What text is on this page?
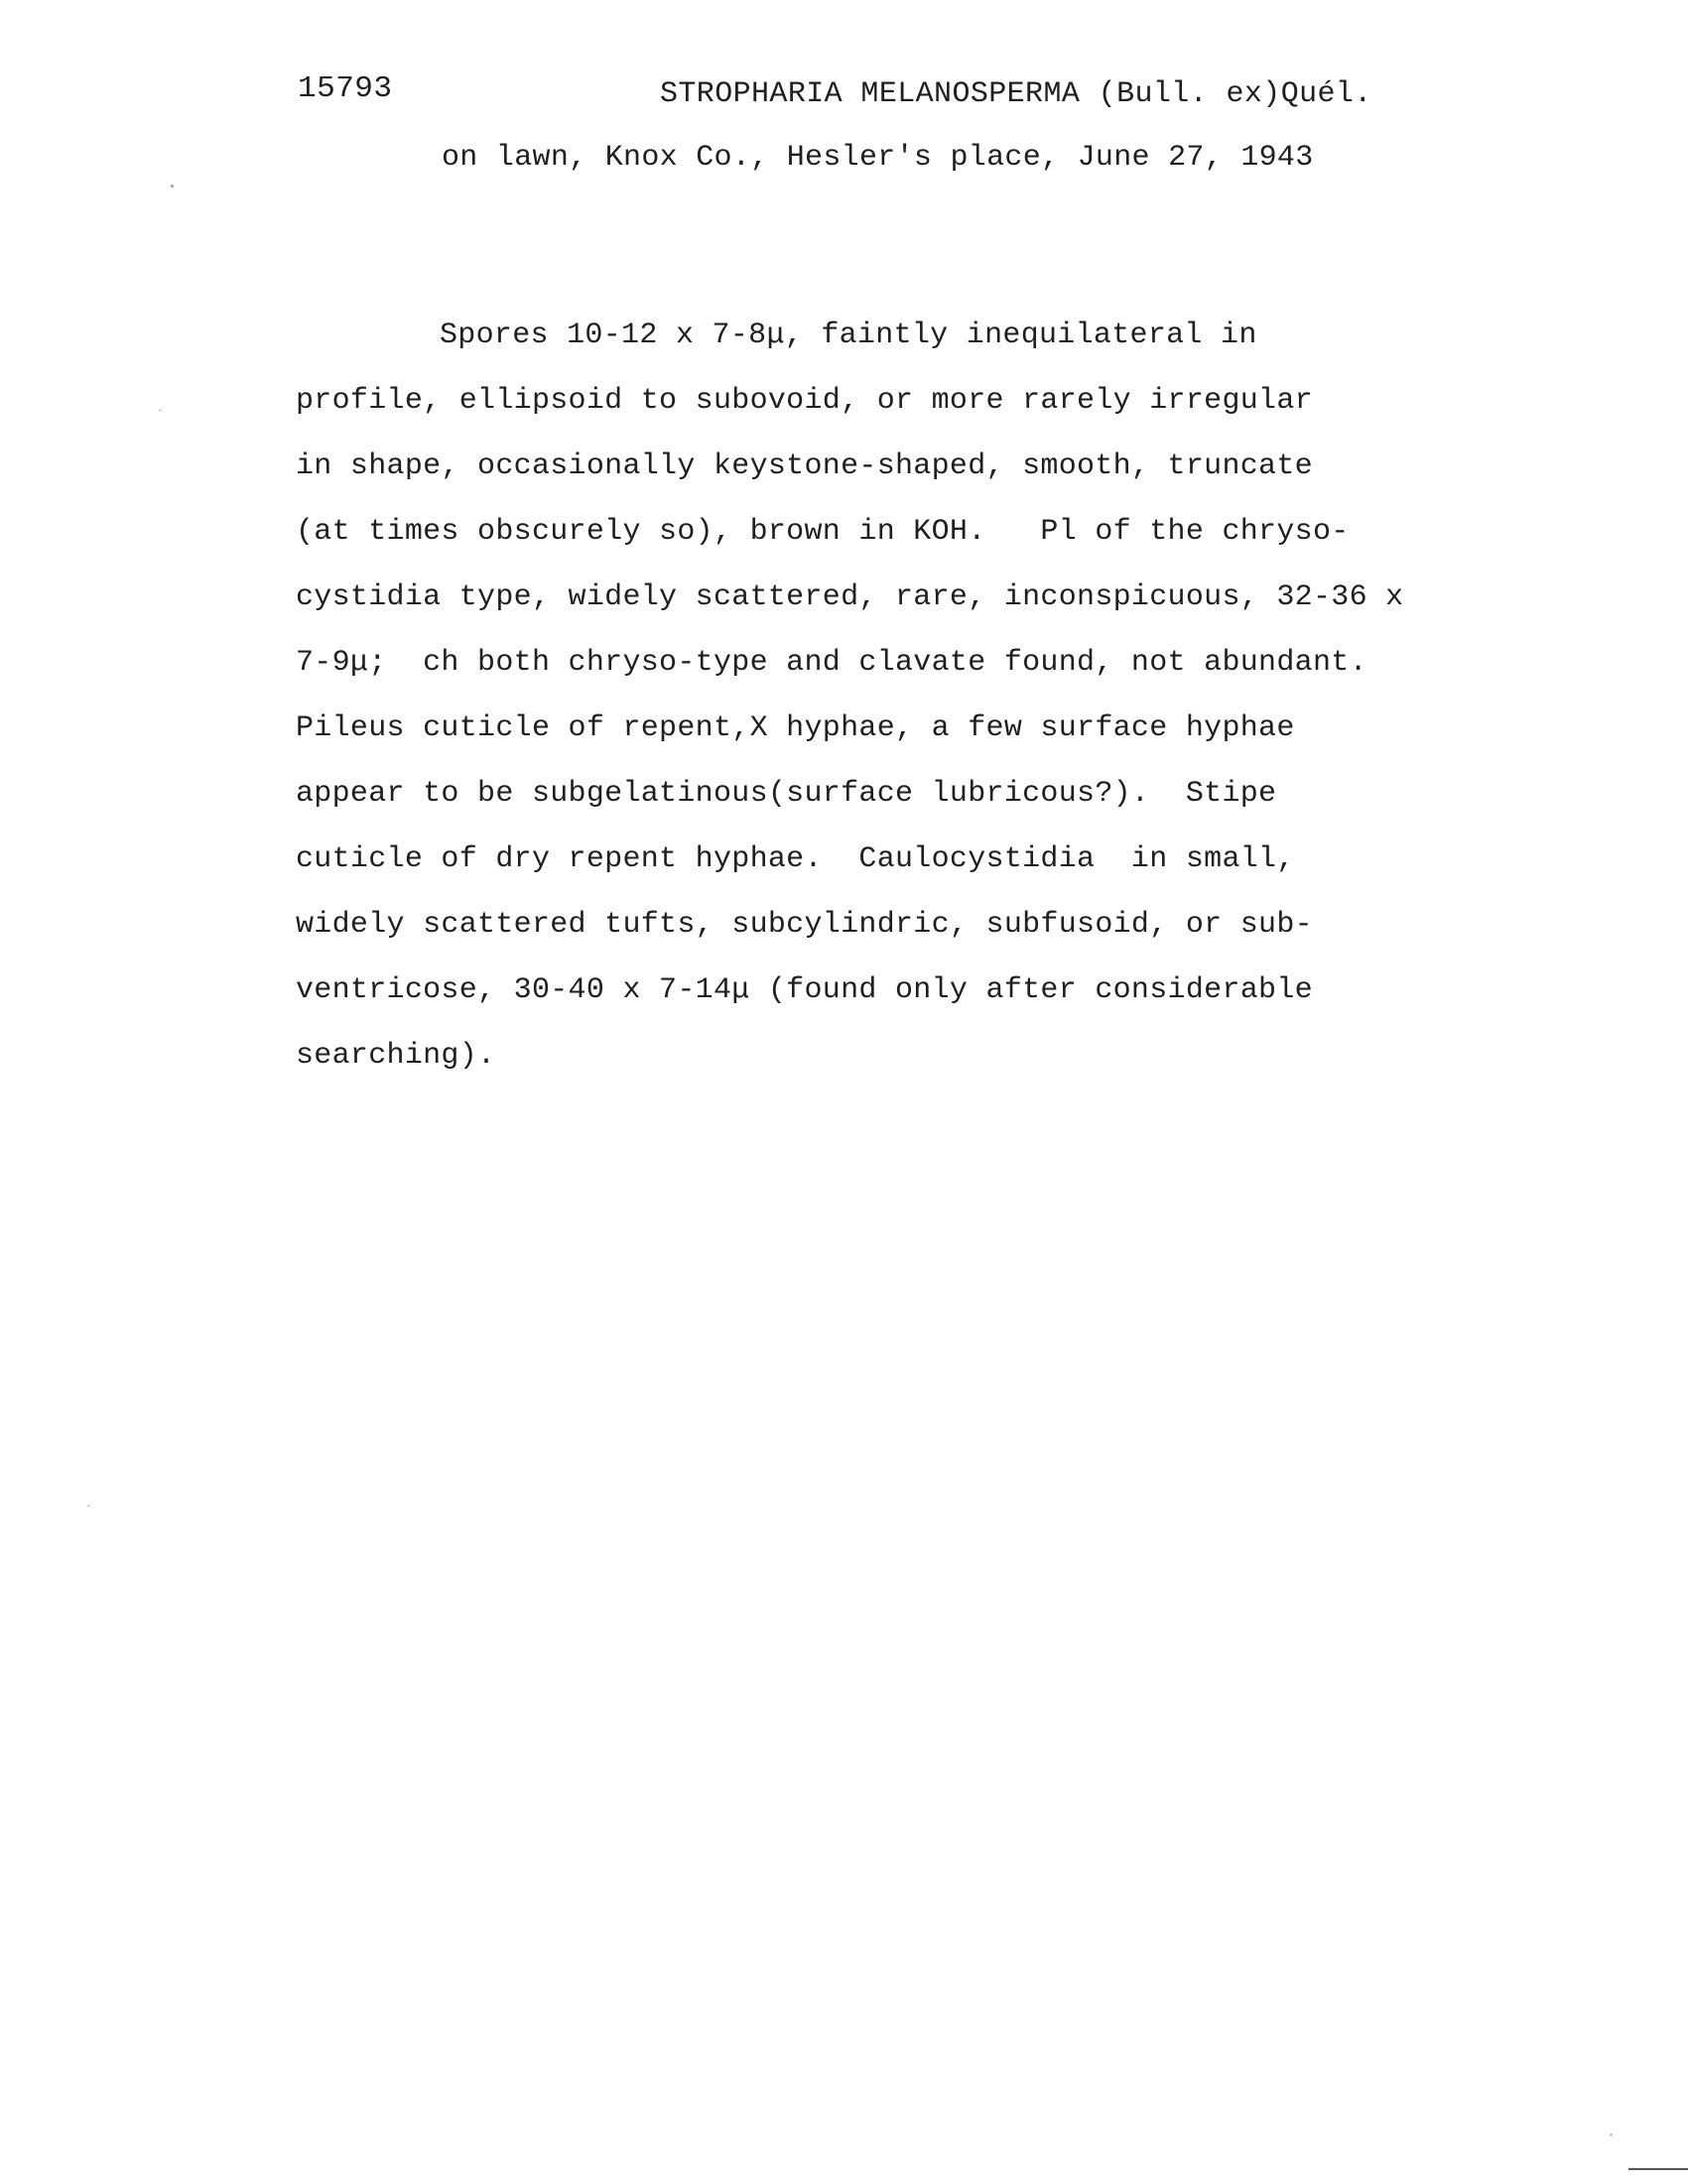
15793	STROPHARIA MELANOSPERMA (Bull. ex)Quél.
on lawn, Knox Co., Hesler's place, June 27, 1943
Spores 10-12 x 7-8μ, faintly inequilateral in
profile, ellipsoid to subovoid, or more rarely irregular
in shape, occasionally keystone-shaped, smooth, truncate
(at times obscurely so), brown in KOH.   Pl of the chryso-
cystidia type, widely scattered, rare, inconspicuous, 32-36 x
7-9μ;  ch both chryso-type and clavate found, not abundant.
Pileus cuticle of repent,X hyphae, a few surface hyphae
appear to be subgelatinous(surface lubricous?).  Stipe
cuticle of dry repent hyphae.  Caulocystidia  in small,
widely scattered tufts, subcylindric, subfusoid, or sub-
ventricose, 30-40 x 7-14μ (found only after considerable
searching).
